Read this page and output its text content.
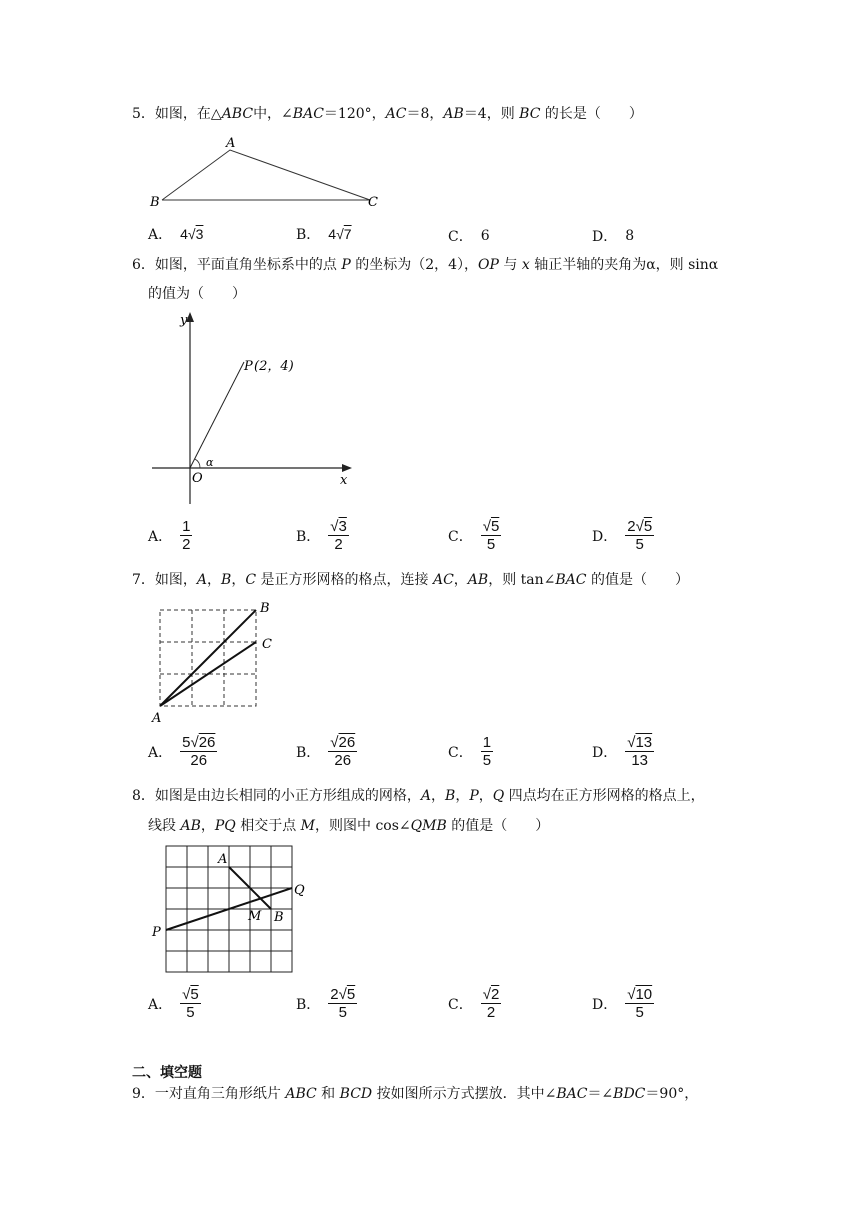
5．如图，在△ABC中，∠BAC＝120°，AC＝8，AB＝4，则 BC 的长是（　　）
A
B	C
A． 4 √ 3	B． 4 √ 7	C． 6	D． 8
6．如图，平面直角坐标系中的点 P 的坐标为（2，4），OP 与 x 轴正半轴的夹角为α，则 sinα
的值为（　　）
y
x
O
α
P (2，4)
A． $\frac{1}{2}$	B． $\frac{√3}{2}$	C． $\frac{√5}{5}$	D． $\frac{2√5}{5}$
7．如图，A，B，C 是正方形网格的格点，连接 AC，AB，则 tan∠BAC 的值是（　　）
A
B
C
A． $\frac{5√26}{26}$	B． $\frac{√26}{26}$	C． $\frac{1}{5}$	D． $\frac{√13}{13}$
8．如图是由边长相同的小正方形组成的网格，A，B，P，Q 四点均在正方形网格的格点上，
线段 AB，PQ 相交于点 M，则图中 cos∠QMB 的值是（　　）
A
B
P
Q
M
A． $\frac{√5}{5}$	B． $\frac{2√5}{5}$	C． $\frac{√2}{2}$	D． $\frac{√10}{5}$
二、填空题
9．一对直角三角形纸片 ABC 和 BCD 按如图所示方式摆放．其中∠BAC＝∠BDC＝90°，
